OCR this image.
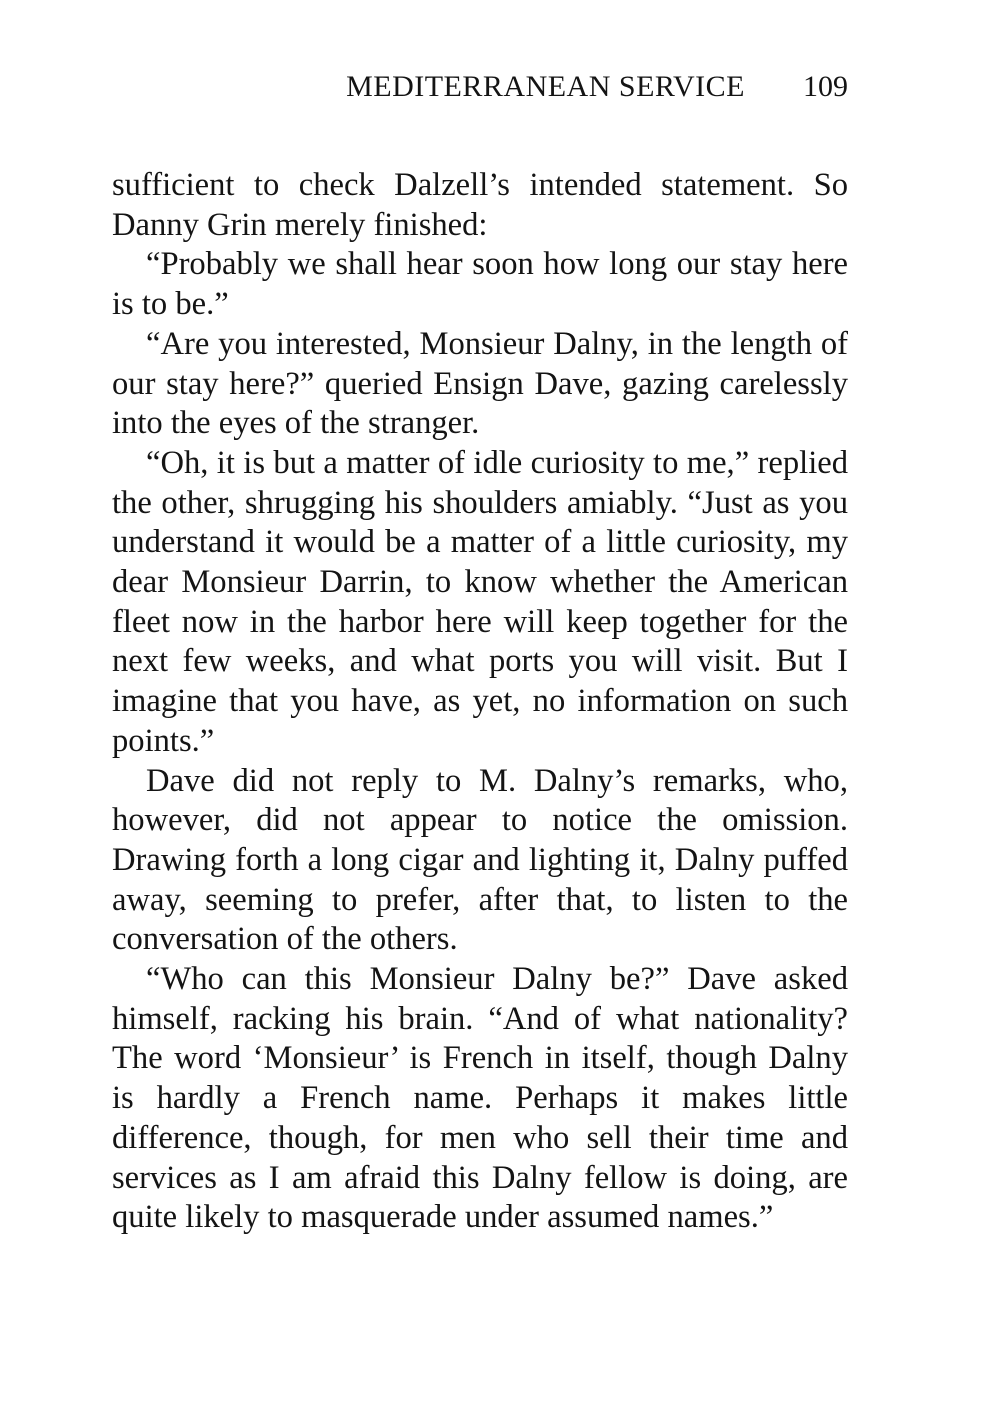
MEDITERRANEAN SERVICE 109

sufficient to check Dalzell’s intended statement. So Danny Grin merely finished:

“Probably we shall hear soon how long our stay here is to be.”

“Are you interested, Monsieur Dalny, in the length of our stay here?” queried Ensign Dave, gazing carelessly into the eyes of the stranger.

“Oh, it is but a matter of idle curiosity to me,” replied the other, shrugging his shoulders amiably. “Just as you understand it would be a matter of a little curiosity, my dear Monsieur Darrin, to know whether the American fleet now in the harbor here will keep together for the next few weeks, and what ports you will visit. But I imagine that you have, as yet, no information on such points.”

Dave did not reply to M. Dalny’s remarks, who, however, did not appear to notice the omission. Drawing forth a long cigar and lighting it, Dalny puffed away, seeming to prefer, after that, to listen to the conversation of the others.

“Who can this Monsieur Dalny be?” Dave asked himself, racking his brain. “And of what nationality? The word ‘Monsieur’ is French in itself, though Dalny is hardly a French name. Perhaps it makes little difference, though, for men who sell their time and services as I am afraid this Dalny fellow is doing, are quite likely to masquerade under assumed names.”
